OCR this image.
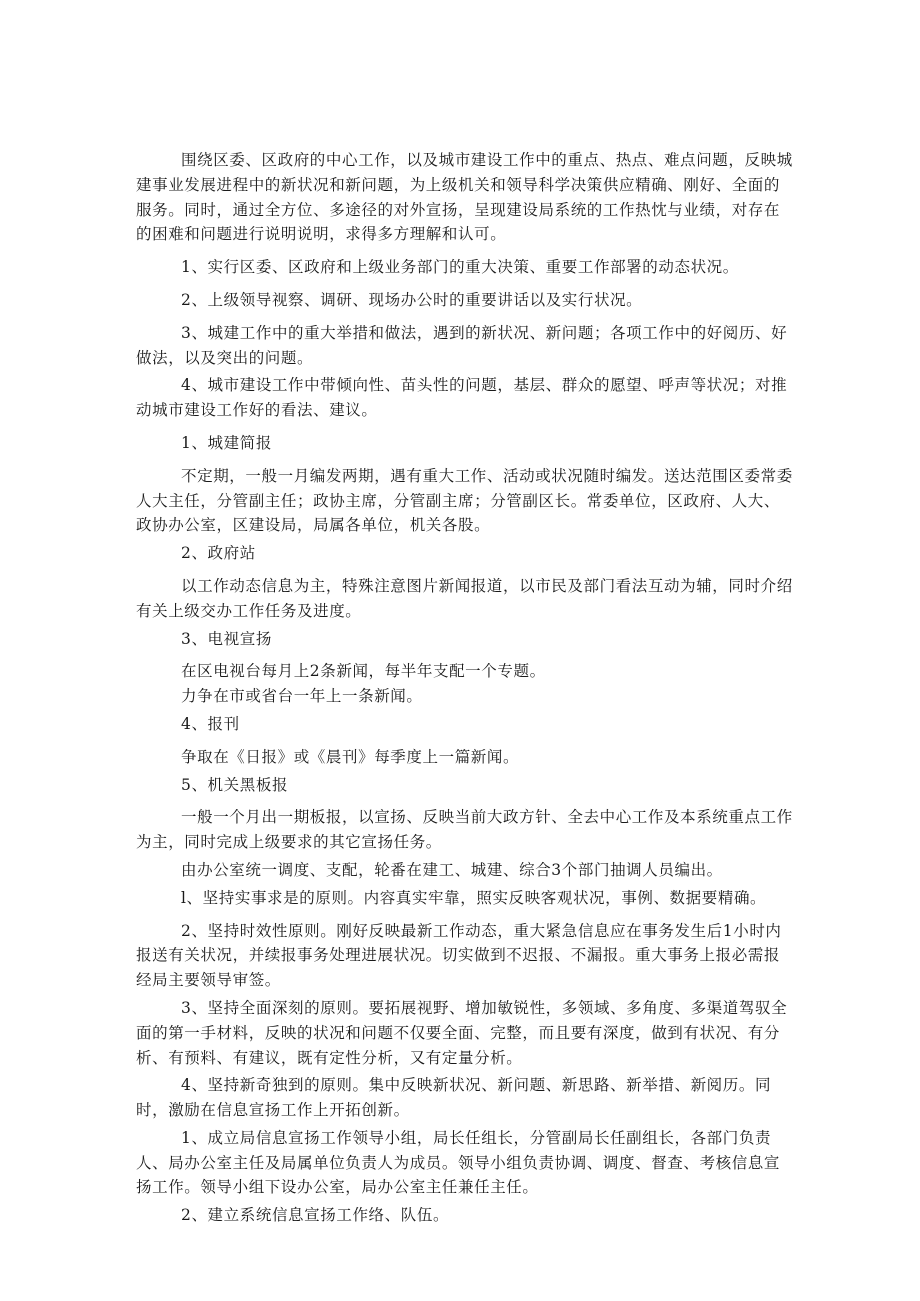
围绕区委、区政府的中心工作，以及城市建设工作中的重点、热点、难点问题，反映城建事业发展进程中的新状况和新问题，为上级机关和领导科学决策供应精确、刚好、全面的服务。同时，通过全方位、多途径的对外宣扬，呈现建设局系统的工作热忱与业绩，对存在的困难和问题进行说明说明，求得多方理解和认可。

1、实行区委、区政府和上级业务部门的重大决策、重要工作部署的动态状况。

2、上级领导视察、调研、现场办公时的重要讲话以及实行状况。

3、城建工作中的重大举措和做法，遇到的新状况、新问题；各项工作中的好阅历、好做法，以及突出的问题。

4、城市建设工作中带倾向性、苗头性的问题，基层、群众的愿望、呼声等状况；对推动城市建设工作好的看法、建议。

1、城建简报

不定期，一般一月编发两期，遇有重大工作、活动或状况随时编发。送达范围区委常委人大主任，分管副主任；政协主席，分管副主席；分管副区长。常委单位，区政府、人大、政协办公室，区建设局，局属各单位，机关各股。

2、政府站

以工作动态信息为主，特殊注意图片新闻报道，以市民及部门看法互动为辅，同时介绍有关上级交办工作任务及进度。

3、电视宣扬

在区电视台每月上2条新闻，每半年支配一个专题。

力争在市或省台一年上一条新闻。

4、报刊

争取在《日报》或《晨刊》每季度上一篇新闻。

5、机关黑板报

一般一个月出一期板报，以宣扬、反映当前大政方针、全去中心工作及本系统重点工作为主，同时完成上级要求的其它宣扬任务。

由办公室统一调度、支配，轮番在建工、城建、综合3个部门抽调人员编出。

l、坚持实事求是的原则。内容真实牢靠，照实反映客观状况，事例、数据要精确。

2、坚持时效性原则。刚好反映最新工作动态，重大紧急信息应在事务发生后1小时内报送有关状况，并续报事务处理进展状况。切实做到不迟报、不漏报。重大事务上报必需报经局主要领导审签。

3、坚持全面深刻的原则。要拓展视野、增加敏锐性，多领域、多角度、多渠道驾驭全面的第一手材料，反映的状况和问题不仅要全面、完整，而且要有深度，做到有状况、有分析、有预料、有建议，既有定性分析，又有定量分析。

4、坚持新奇独到的原则。集中反映新状况、新问题、新思路、新举措、新阅历。同时，激励在信息宣扬工作上开拓创新。

1、成立局信息宣扬工作领导小组，局长任组长，分管副局长任副组长，各部门负责人、局办公室主任及局属单位负责人为成员。领导小组负责协调、调度、督查、考核信息宣扬工作。领导小组下设办公室，局办公室主任兼任主任。

2、建立系统信息宣扬工作络、队伍。
